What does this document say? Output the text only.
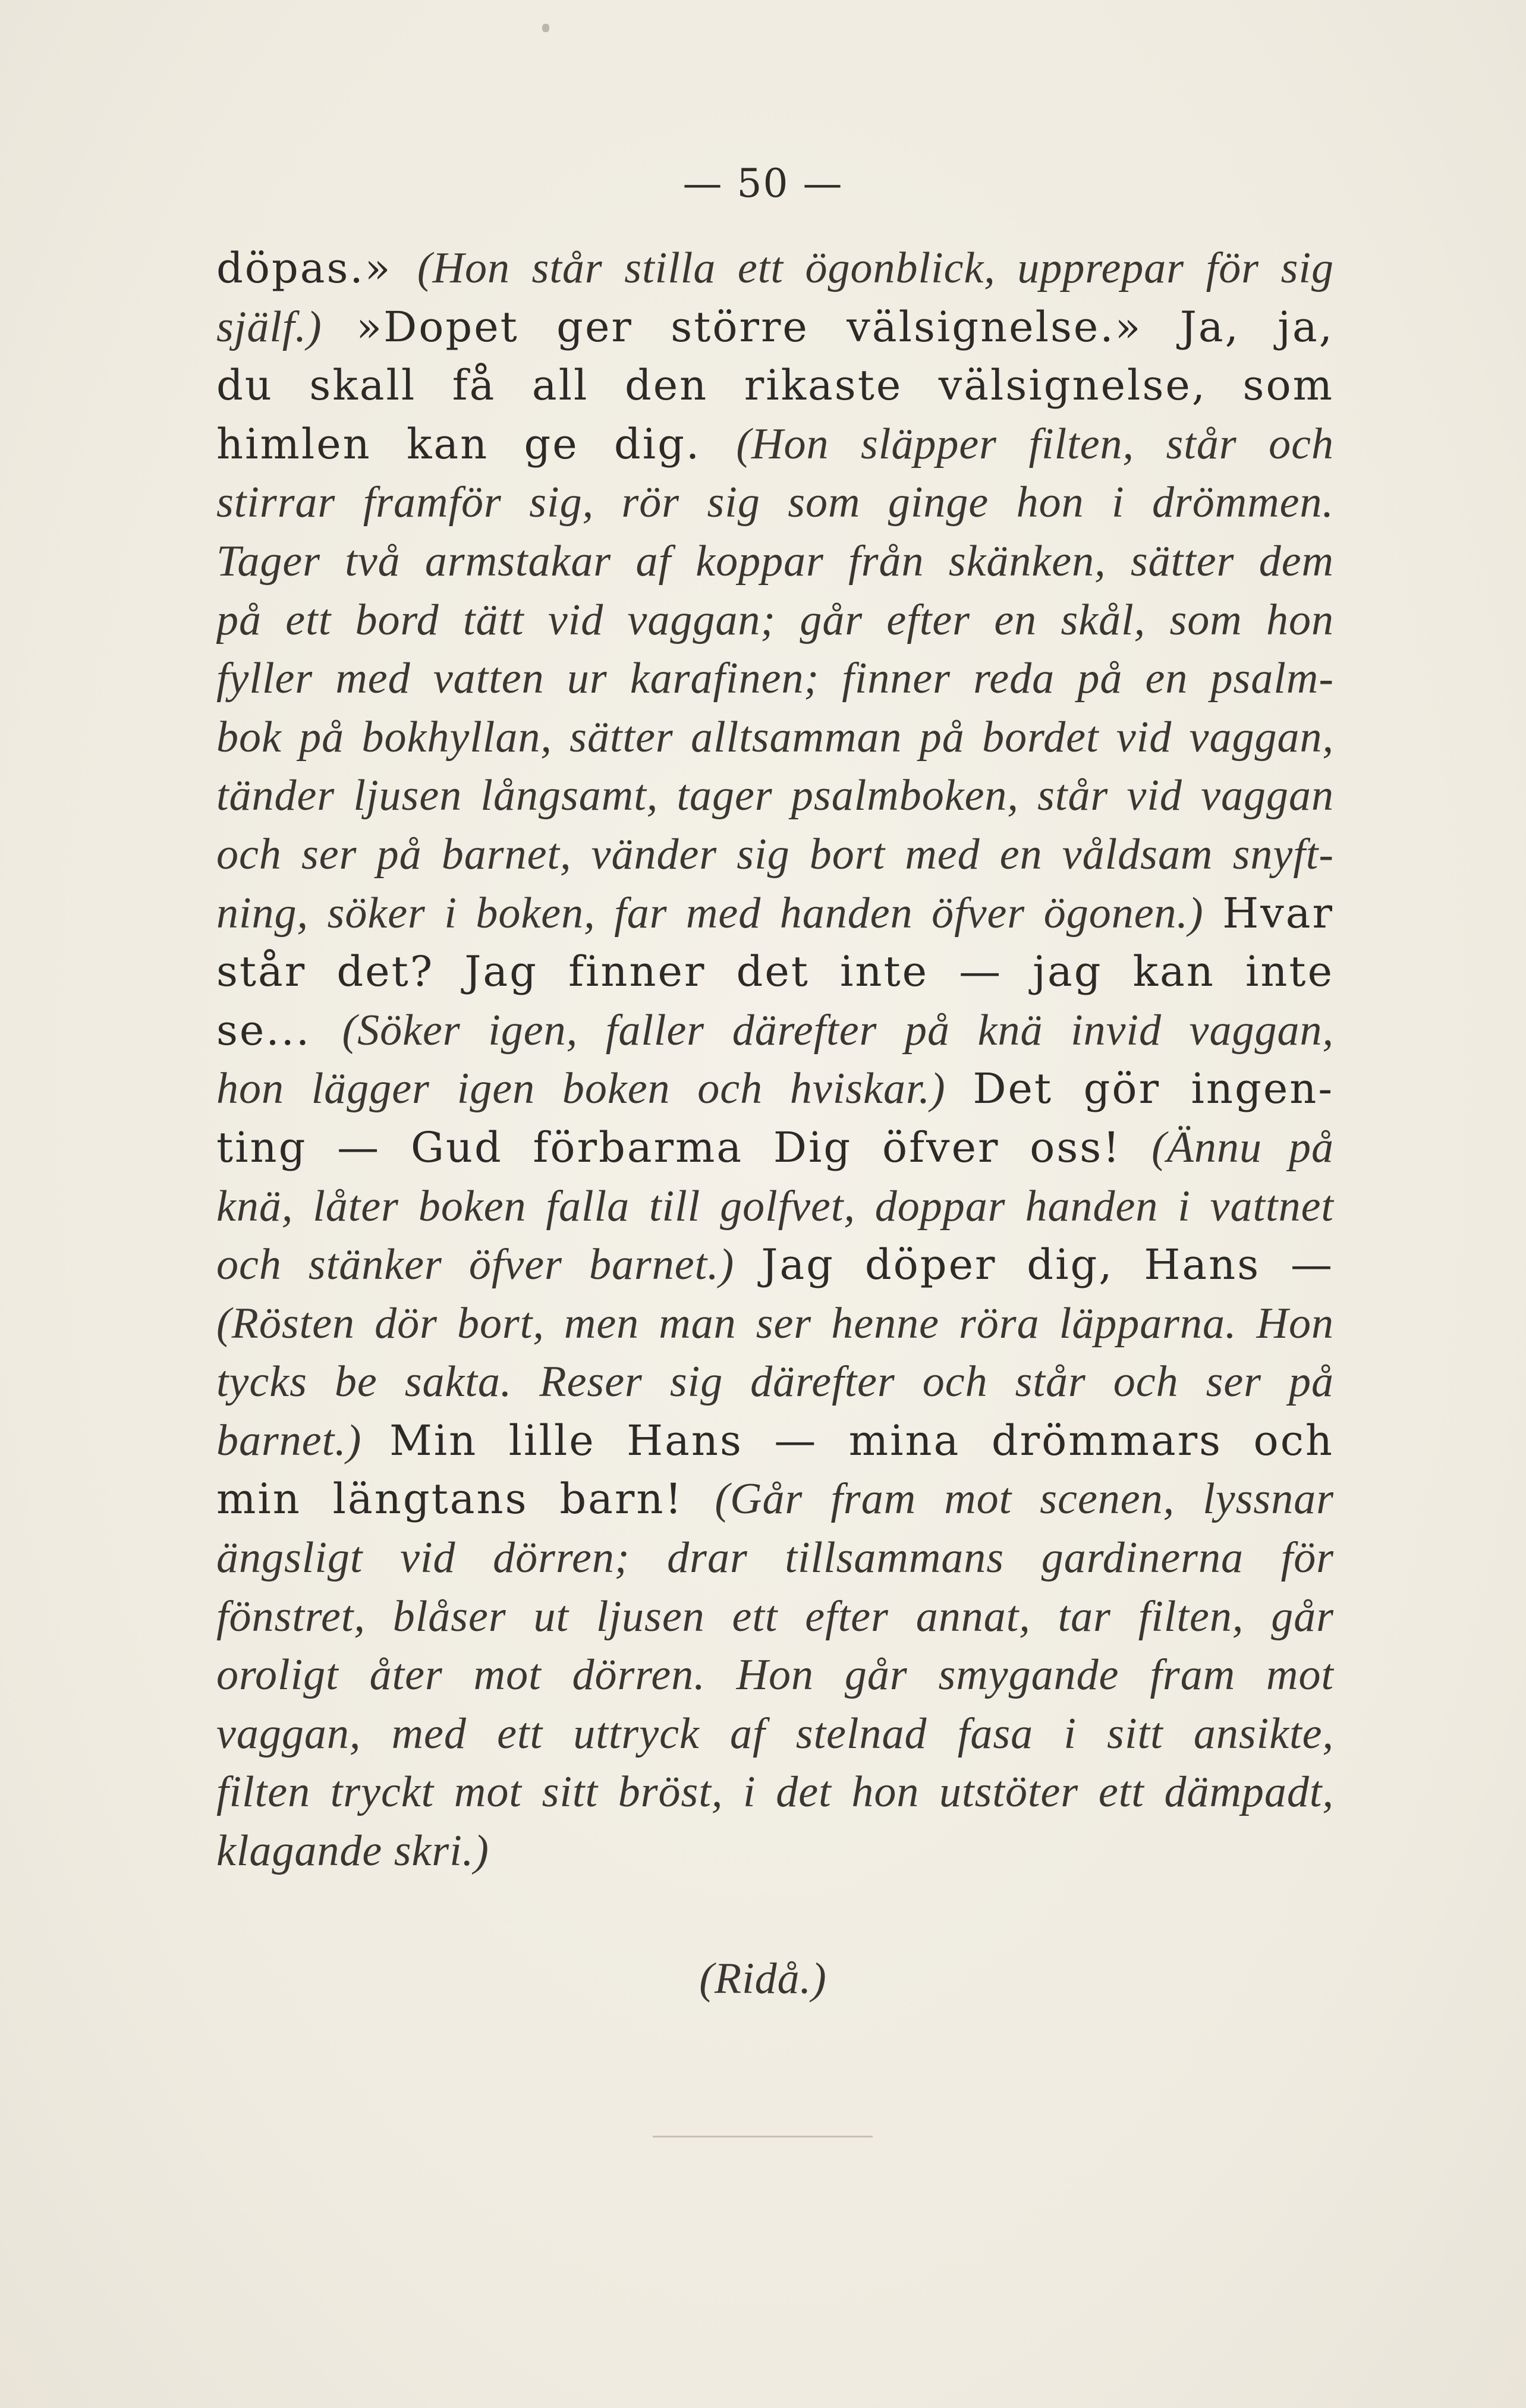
— 50 —
döpas.» (Hon står stilla ett ögonblick, upprepar för sig
själf.) »Dopet ger större välsignelse.» Ja, ja,
du skall få all den rikaste välsignelse, som
himlen kan ge dig. (Hon släpper filten, står och
stirrar framför sig, rör sig som ginge hon i drömmen.
Tager två armstakar af koppar från skänken, sätter dem
på ett bord tätt vid vaggan; går efter en skål, som hon
fyller med vatten ur karafinen; finner reda på en psalm-
bok på bokhyllan, sätter alltsamman på bordet vid vaggan,
tänder ljusen långsamt, tager psalmboken, står vid vaggan
och ser på barnet, vänder sig bort med en våldsam snyft-
ning, söker i boken, far med handen öfver ögonen.) Hvar
står det? Jag finner det inte — jag kan inte
se... (Söker igen, faller därefter på knä invid vaggan,
hon lägger igen boken och hviskar.) Det gör ingen-
ting — Gud förbarma Dig öfver oss! (Ännu på
knä, låter boken falla till golfvet, doppar handen i vattnet
och stänker öfver barnet.) Jag döper dig, Hans —
(Rösten dör bort, men man ser henne röra läpparna. Hon
tycks be sakta. Reser sig därefter och står och ser på
barnet.) Min lille Hans — mina drömmars och
min längtans barn! (Går fram mot scenen, lyssnar
ängsligt vid dörren; drar tillsammans gardinerna för
fönstret, blåser ut ljusen ett efter annat, tar filten, går
oroligt åter mot dörren. Hon går smygande fram mot
vaggan, med ett uttryck af stelnad fasa i sitt ansikte,
filten tryckt mot sitt bröst, i det hon utstöter ett dämpadt,
klagande skri.)
(Ridå.)
